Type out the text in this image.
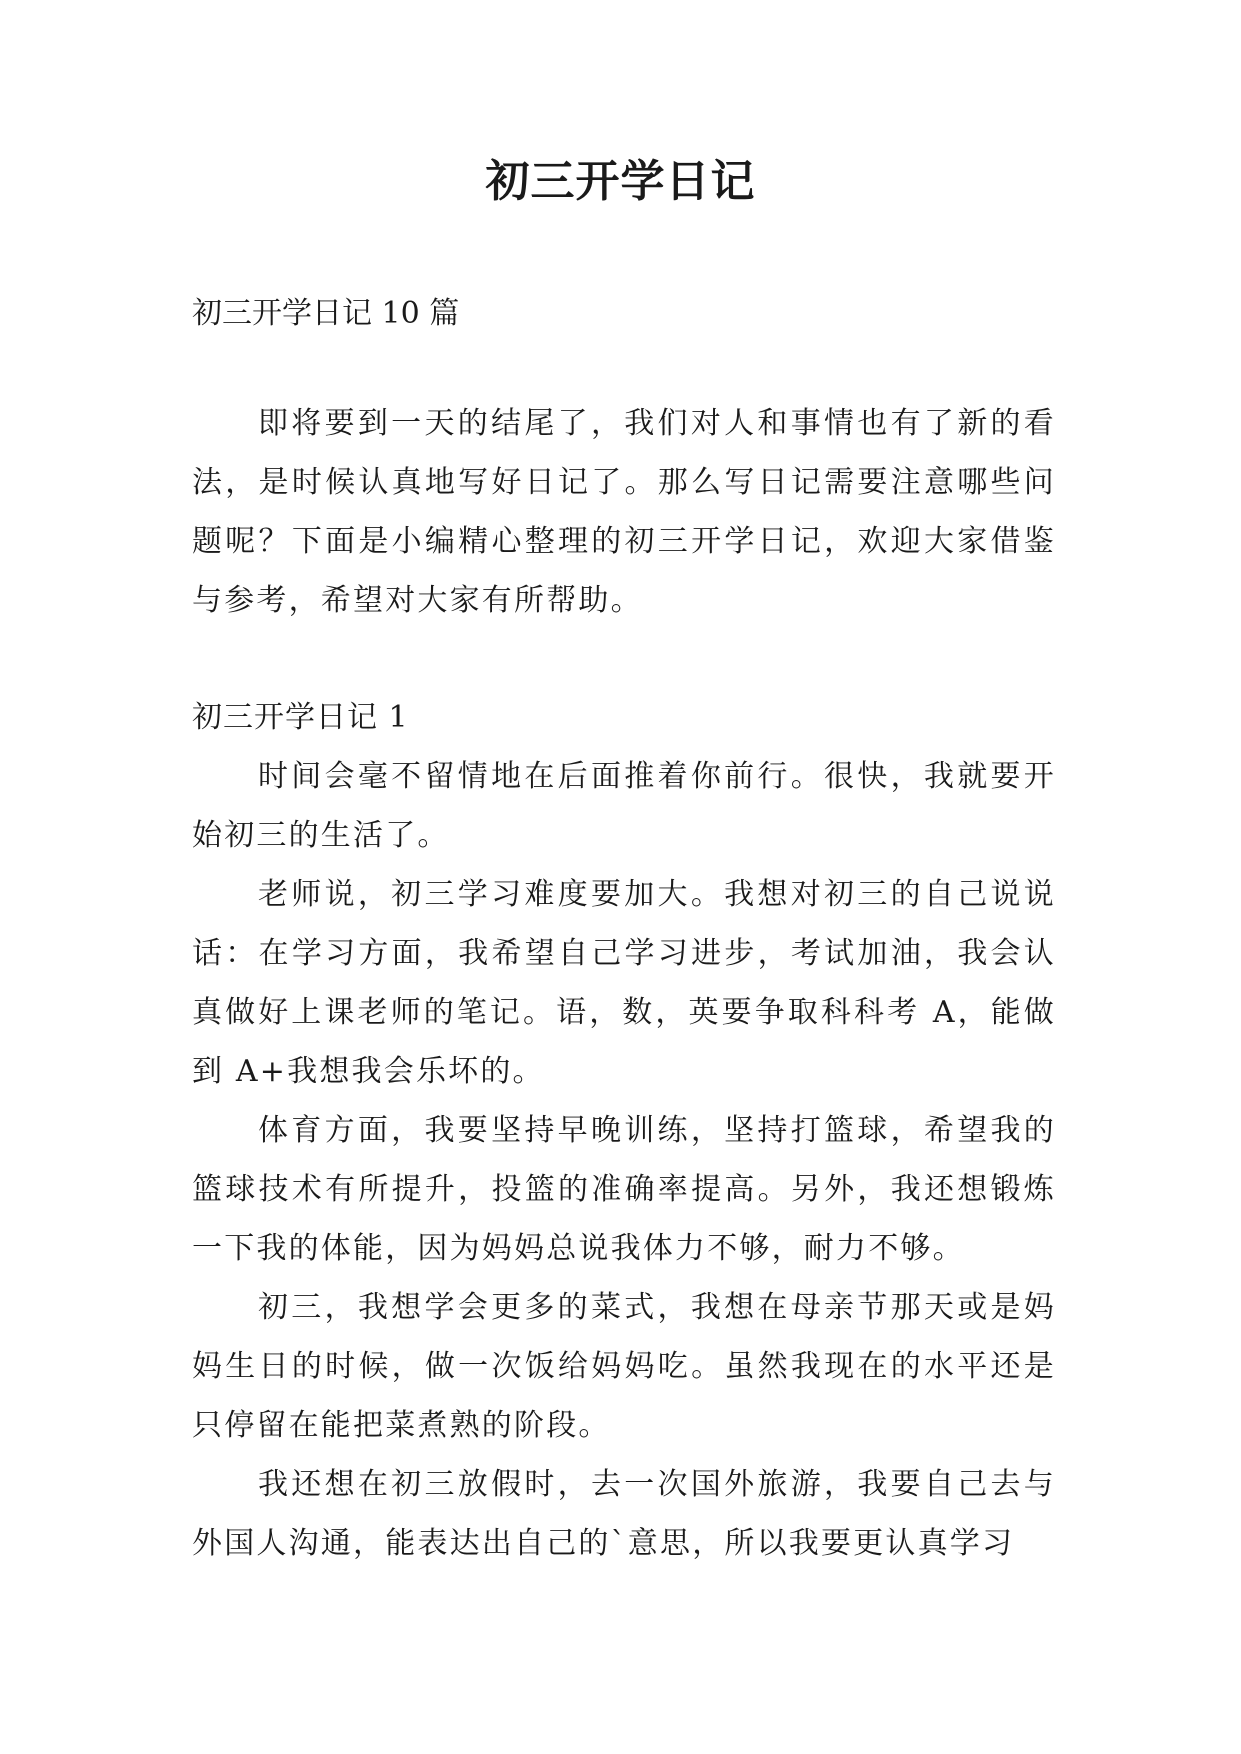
初三开学日记

初三开学日记 10 篇

即将要到一天的结尾了，我们对人和事情也有了新的看法，是时候认真地写好日记了。那么写日记需要注意哪些问题呢？下面是小编精心整理的初三开学日记，欢迎大家借鉴与参考，希望对大家有所帮助。

初三开学日记 1

时间会毫不留情地在后面推着你前行。很快，我就要开始初三的生活了。

老师说，初三学习难度要加大。我想对初三的自己说说话：在学习方面，我希望自己学习进步，考试加油，我会认真做好上课老师的笔记。语，数，英要争取科科考 A，能做到 A+我想我会乐坏的。

体育方面，我要坚持早晚训练，坚持打篮球，希望我的篮球技术有所提升，投篮的准确率提高。另外，我还想锻炼一下我的体能，因为妈妈总说我体力不够，耐力不够。

初三，我想学会更多的菜式，我想在母亲节那天或是妈妈生日的时候，做一次饭给妈妈吃。虽然我现在的水平还是只停留在能把菜煮熟的阶段。

我还想在初三放假时，去一次国外旅游，我要自己去与外国人沟通，能表达出自己的`意思，所以我要更认真学习
